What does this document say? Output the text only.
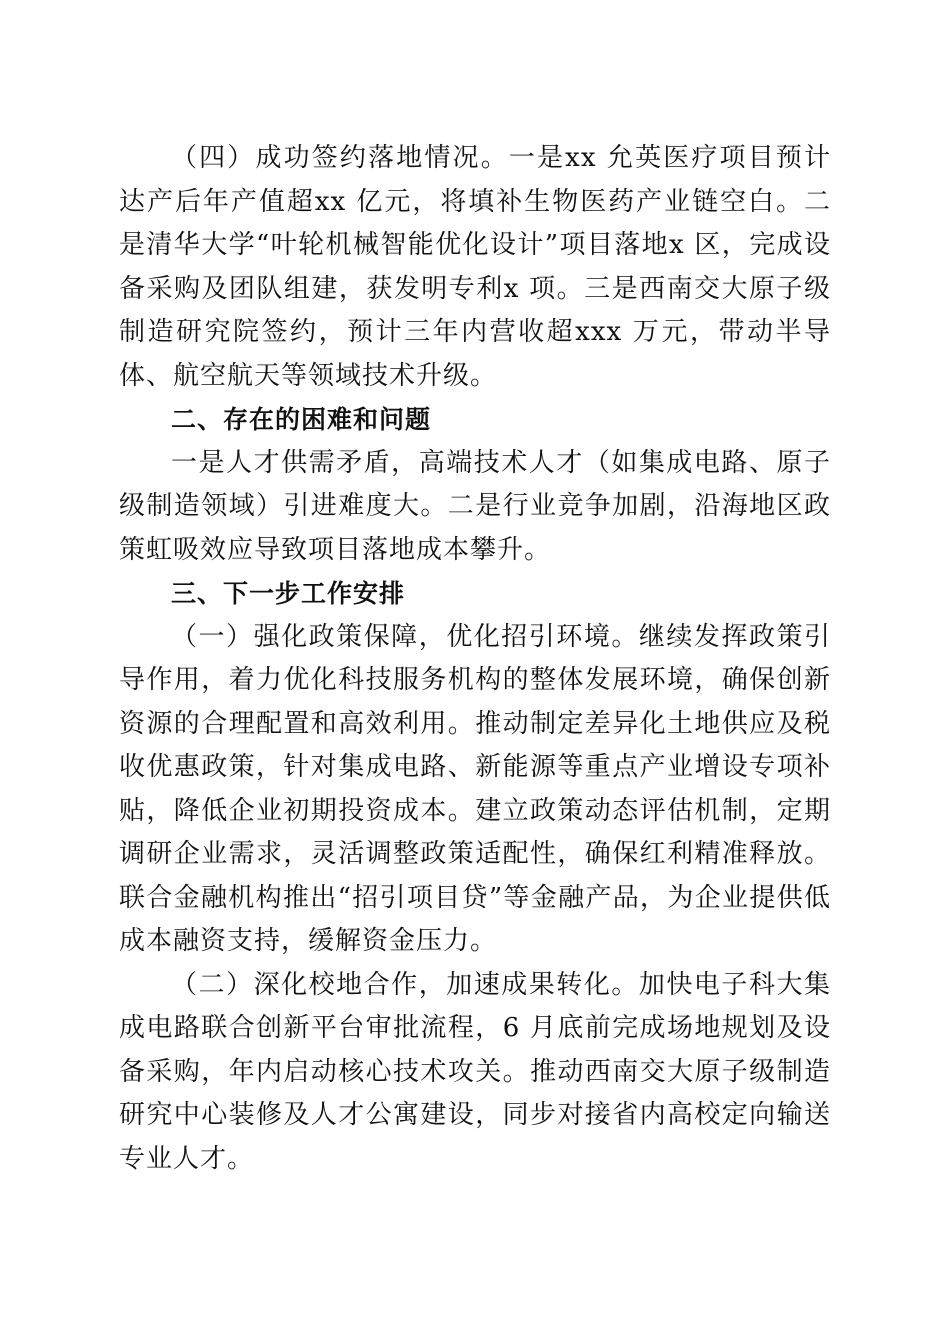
（四）成功签约落地情况。一是xx 允英医疗项目预计达产后年产值超xx 亿元，将填补生物医药产业链空白。二是清华大学“叶轮机械智能优化设计”项目落地x 区，完成设备采购及团队组建，获发明专利x 项。三是西南交大原子级制造研究院签约，预计三年内营收超xxx 万元，带动半导体、航空航天等领域技术升级。

二、存在的困难和问题

一是人才供需矛盾，高端技术人才（如集成电路、原子级制造领域）引进难度大。二是行业竞争加剧，沿海地区政策虹吸效应导致项目落地成本攀升。

三、下一步工作安排

（一）强化政策保障，优化招引环境。继续发挥政策引导作用，着力优化科技服务机构的整体发展环境，确保创新资源的合理配置和高效利用。推动制定差异化土地供应及税收优惠政策，针对集成电路、新能源等重点产业增设专项补贴，降低企业初期投资成本。建立政策动态评估机制，定期调研企业需求，灵活调整政策适配性，确保红利精准释放。联合金融机构推出“招引项目贷”等金融产品，为企业提供低成本融资支持，缓解资金压力。

（二）深化校地合作，加速成果转化。加快电子科大集成电路联合创新平台审批流程，6 月底前完成场地规划及设备采购，年内启动核心技术攻关。推动西南交大原子级制造研究中心装修及人才公寓建设，同步对接省内高校定向输送专业人才。
